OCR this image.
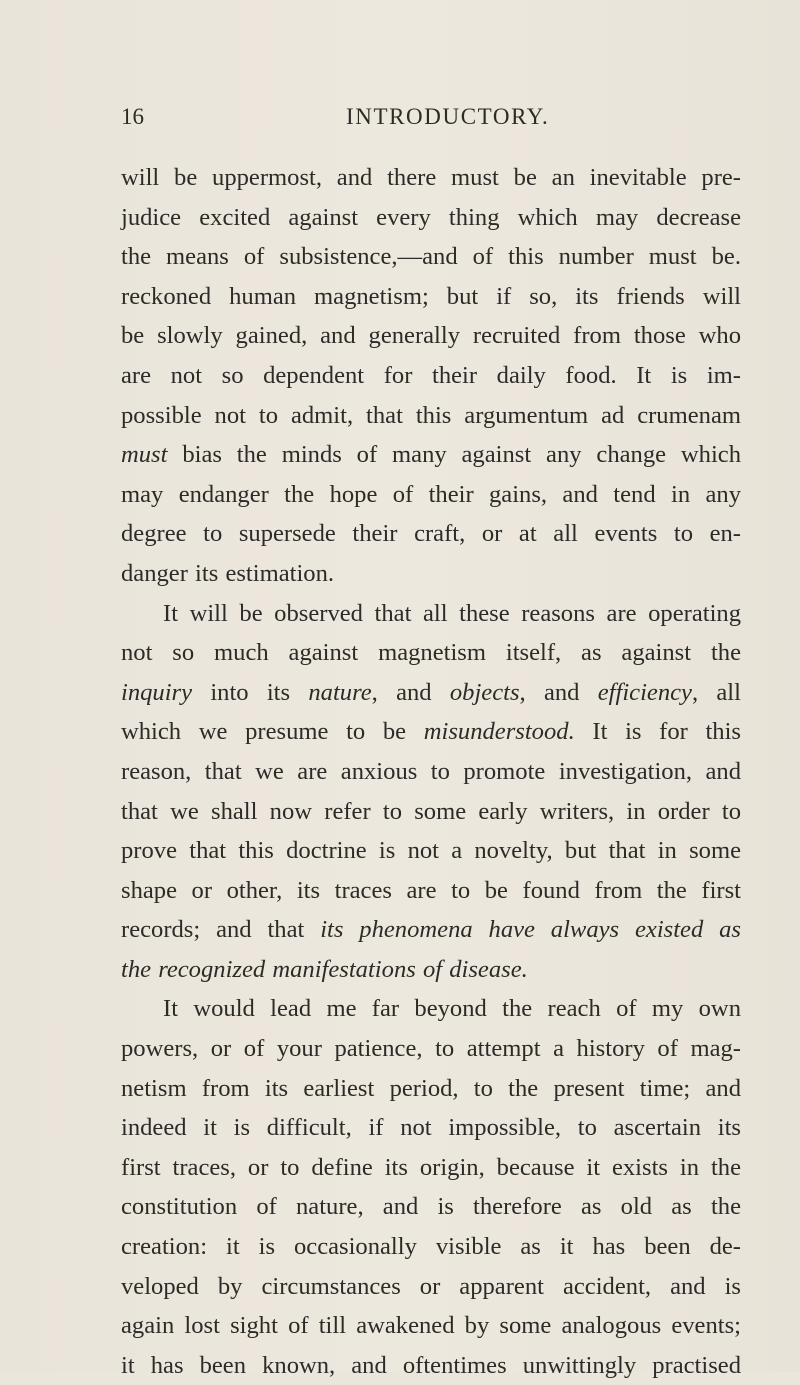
16	INTRODUCTORY.
will be uppermost, and there must be an inevitable pre-
judice excited against every thing which may decrease
the means of subsistence,—and of this number must be.
reckoned human magnetism; but if so, its friends will
be slowly gained, and generally recruited from those who
are not so dependent for their daily food. It is im-
possible not to admit, that this argumentum ad crumenam
must bias the minds of many against any change which
may endanger the hope of their gains, and tend in any
degree to supersede their craft, or at all events to en-
danger its estimation.
It will be observed that all these reasons are operating
not so much against magnetism itself, as against the
inquiry into its nature, and objects, and efficiency, all
which we presume to be misunderstood. It is for this
reason, that we are anxious to promote investigation, and
that we shall now refer to some early writers, in order to
prove that this doctrine is not a novelty, but that in some
shape or other, its traces are to be found from the first
records; and that its phenomena have always existed as
the recognized manifestations of disease.
It would lead me far beyond the reach of my own
powers, or of your patience, to attempt a history of mag-
netism from its earliest period, to the present time; and
indeed it is difficult, if not impossible, to ascertain its
first traces, or to define its origin, because it exists in the
constitution of nature, and is therefore as old as the
creation: it is occasionally visible as it has been de-
veloped by circumstances or apparent accident, and is
again lost sight of till awakened by some analogous events;
it has been known, and oftentimes unwittingly practised
